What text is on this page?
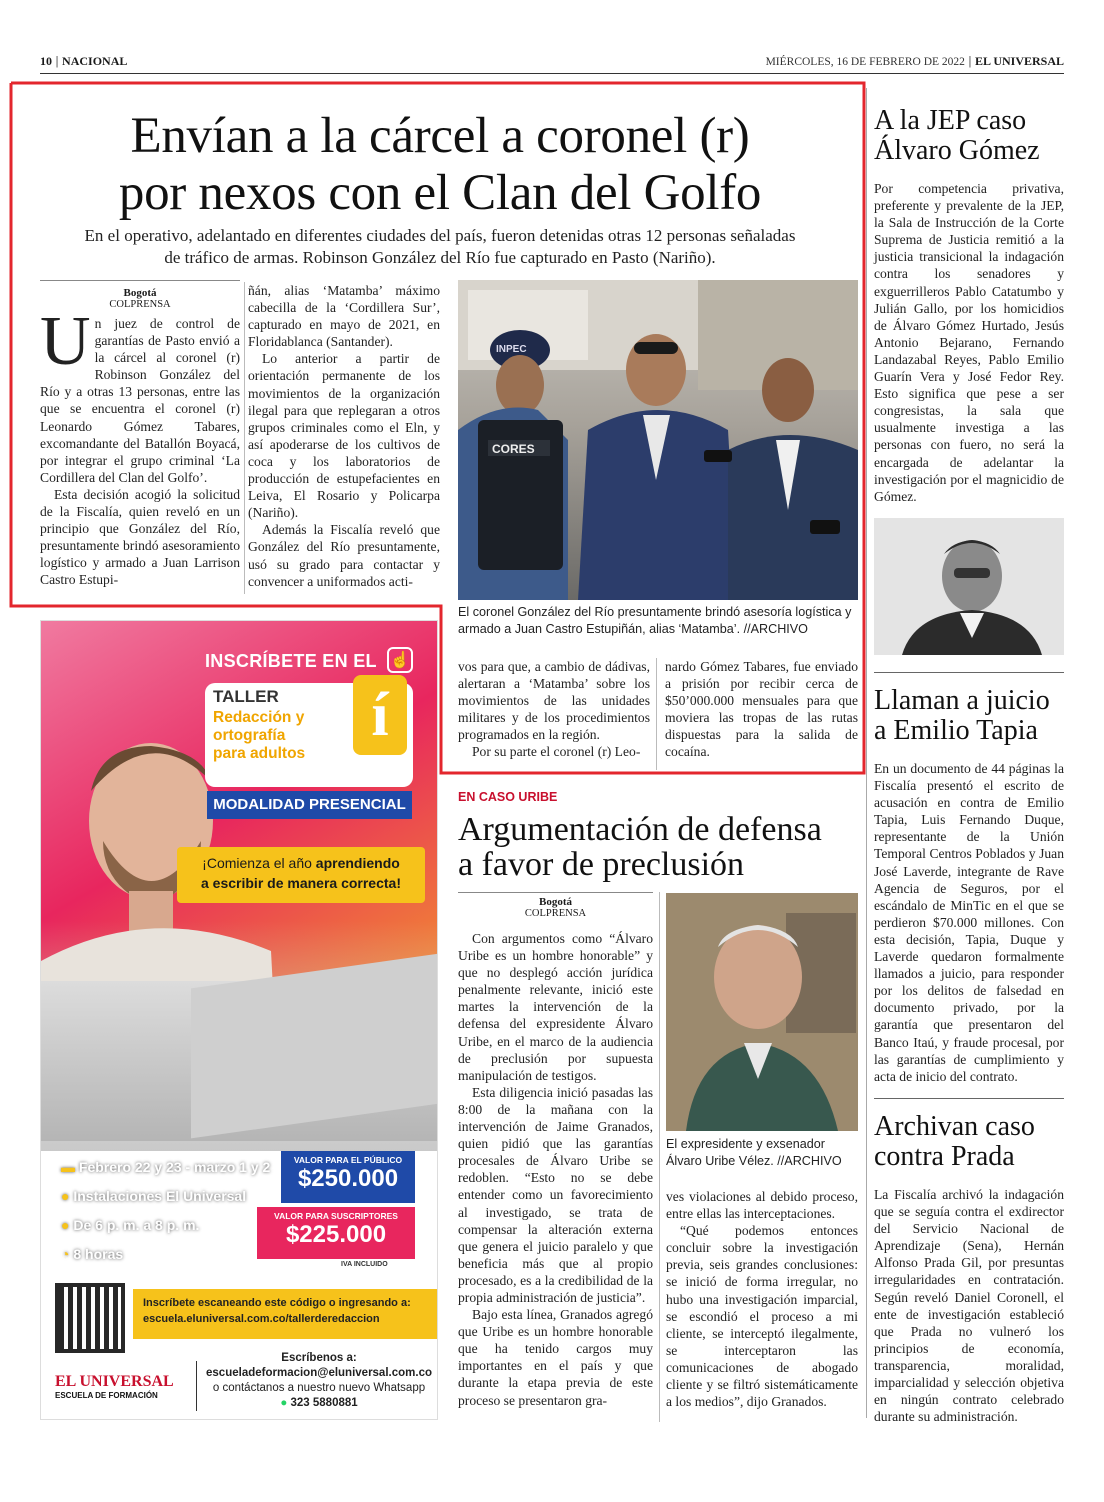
10 | NACIONAL	MIÉRCOLES, 16 DE FEBRERO DE 2022 | EL UNIVERSAL
Envían a la cárcel a coronel (r)
por nexos con el Clan del Golfo
En el operativo, adelantado en diferentes ciudades del país, fueron detenidas otras 12 personas señaladas
de tráfico de armas. Robinson González del Río fue capturado en Pasto (Nariño).
Bogotá
COLPRENSA

Un juez de control de garantías de Pasto envió a la cárcel al coronel (r) Robinson González del Río y a otras 13 personas, entre las que se encuentra el coronel (r) Leonardo Gómez Tabares, excomandante del Batallón Boyacá, por integrar el grupo criminal ‘La Cordillera del Clan del Golfo’.

Esta decisión acogió la solicitud de la Fiscalía, quien reveló en un principio que González del Río, presuntamente brindó asesoramiento logístico y armado a Juan Larrison Castro Estupi-

ñán, alias ‘Matamba’ máximo cabecilla de la ‘Cordillera Sur’, capturado en mayo de 2021, en Floridablanca (Santander).

Lo anterior a partir de orientación permanente de los movimientos de la organización ilegal para que replegaran a otros grupos criminales como el Eln, y así apoderarse de los cultivos de coca y los laboratorios de producción de estupefacientes en Leiva, El Rosario y Policarpa (Nariño).

Además la Fiscalía reveló que González del Río presuntamente, usó su grado para contactar y convencer a uniformados acti-

CORES
INPEC
El coronel González del Río presuntamente brindó asesoría logística y armado a Juan Castro Estupiñán, alias ‘Matamba’. //ARCHIVO

vos para que, a cambio de dádivas, alertaran a ‘Matamba’ sobre los movimientos de las unidades militares y de los procedimientos programados en la región.

Por su parte el coronel (r) Leo-

nardo Gómez Tabares, fue enviado a prisión por recibir cerca de $50’000.000 mensuales para que moviera las tropas de las rutas dispuestas para la salida de cocaína.

INSCRÍBETE EN EL ☝
TALLER
Redacción y
ortografía
para adultos
í
MODALIDAD PRESENCIAL
¡Comienza el año aprendiendo
a escribir de manera correcta!
▬ Febrero 22 y 23 - marzo 1 y 2
● Instalaciones El Universal
● De 6 p. m. a 8 p. m.
◔ 8 horas
VALOR PARA EL PÚBLICO
$250.000
VALOR PARA SUSCRIPTORES
$225.000
IVA INCLUIDO
Inscríbete escaneando este código o ingresando a:
escuela.eluniversal.com.co/tallerderedaccion
EL UNIVERSAL
ESCUELA DE FORMACIÓN
Escríbenos a:
escueladeformacion@eluniversal.com.co
o contáctanos a nuestro nuevo Whatsapp
● 323 5880881
EN CASO URIBE
Argumentación de defensa
a favor de preclusión
Bogotá
COLPRENSA

Con argumentos como “Álvaro Uribe es un hombre honorable” y que no desplegó acción jurídica penalmente relevante, inició este martes la intervención de la defensa del expresidente Álvaro Uribe, en el marco de la audiencia de preclusión por supuesta manipulación de testigos.

Esta diligencia inició pasadas las 8:00 de la mañana con la intervención de Jaime Granados, quien pidió que las garantías procesales de Álvaro Uribe se redoblen. “Esto no se debe entender como un favorecimiento al investigado, se trata de compensar la alteración externa que genera el juicio paralelo y que beneficia más que al propio procesado, es a la credibilidad de la propia administración de justicia”.

Bajo esta línea, Granados agregó que Uribe es un hombre honorable que ha tenido cargos muy importantes en el país y que durante la etapa previa de este proceso se presentaron gra-

El expresidente y exsenador Álvaro Uribe Vélez. //ARCHIVO

ves violaciones al debido proceso, entre ellas las interceptaciones.

“Qué podemos entonces concluir sobre la investigación previa, seis grandes conclusiones: se inició de forma irregular, no hubo una investigación imparcial, se escondió el proceso a mi cliente, se interceptó ilegalmente, se interceptaron las comunicaciones de abogado cliente y se filtró sistemáticamente a los medios”, dijo Granados.

A la JEP caso
Álvaro Gómez
Por competencia privativa, preferente y prevalente de la JEP, la Sala de Instrucción de la Corte Suprema de Justicia remitió a la justicia transicional la indagación contra los senadores y exguerrilleros Pablo Catatumbo y Julián Gallo, por los homicidios de Álvaro Gómez Hurtado, Jesús Antonio Bejarano, Fernando Landazabal Reyes, Pablo Emilio Guarín Vera y José Fedor Rey. Esto significa que pese a ser congresistas, la sala que usualmente investiga a las personas con fuero, no será la encargada de adelantar la investigación por el magnicidio de Gómez.
Llaman a juicio
a Emilio Tapia
En un documento de 44 páginas la Fiscalía presentó el escrito de acusación en contra de Emilio Tapia, Luis Fernando Duque, representante de la Unión Temporal Centros Poblados y Juan José Laverde, integrante de Rave Agencia de Seguros, por el escándalo de MinTic en el que se perdieron $70.000 millones. Con esta decisión, Tapia, Duque y Laverde quedaron formalmente llamados a juicio, para responder por los delitos de falsedad en documento privado, por la garantía que presentaron del Banco Itaú, y fraude procesal, por las garantías de cumplimiento y acta de inicio del contrato.
Archivan caso
contra Prada
La Fiscalía archivó la indagación que se seguía contra el exdirector del Servicio Nacional de Aprendizaje (Sena), Hernán Alfonso Prada Gil, por presuntas irregularidades en contratación. Según reveló Daniel Coronell, el ente de investigación estableció que Prada no vulneró los principios de economía, transparencia, moralidad, imparcialidad y selección objetiva en ningún contrato celebrado durante su administración.
